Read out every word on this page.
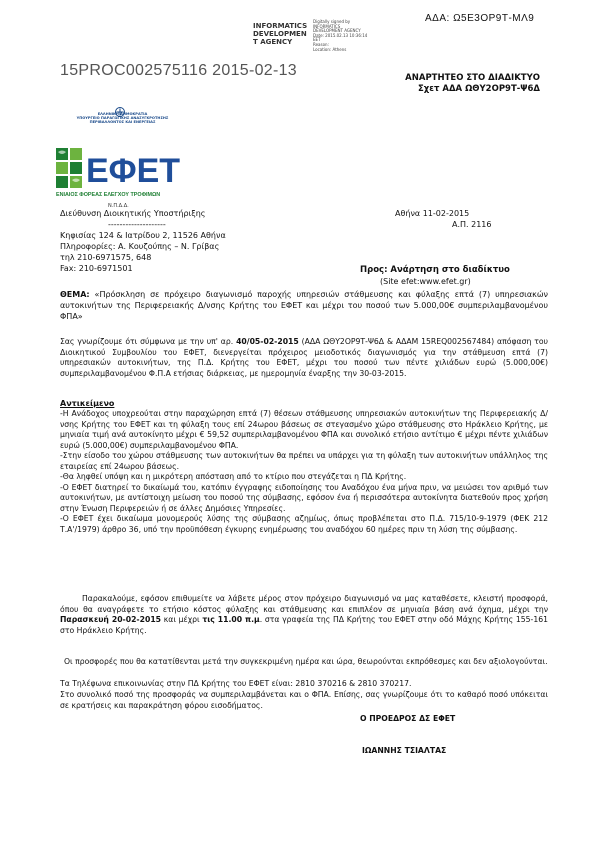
ΑΔΑ: Ω5Ε3ΟΡ9Τ-ΜΛ9
INFORMATICS DEVELOPMEN T AGENCY
Digitally signed by INFORMATICS
DEVELOPMENT AGENCY
Date: 2015.02.13 10:36:14
EET
Reason:
Location: Athens
15PROC002575116 2015-02-13	ΑΝΑΡΤΗΤΕΟ ΣΤΟ ΔΙΑΔΙΚΤΥΟ
Σχετ ΑΔΑ ΩΘΥ2ΟΡ9Τ-Ψ6Δ
ΕΛΛΗΝΙΚΗ ΔΗΜΟΚΡΑΤΙΑ
ΥΠΟΥΡΓΕΙΟ ΠΑΡΑΓΩΓΙΚΗΣ ΑΝΑΣΥΓΚΡΟΤΗΣΗΣ
ΠΕΡΙΒΑΛΛΟΝΤΟΣ ΚΑΙ ΕΝΕΡΓΕΙΑΣ
ΕΦΕΤ
ΕΝΙΑΙΟΣ ΦΟΡΕΑΣ ΕΛΕΓΧΟΥ ΤΡΟΦΙΜΩΝ
Ν.Π.Δ.Δ.
Διεύθυνση Διοικητικής Υποστήριξης
--------------------
Κηφισίας 124 & Ιατρίδου 2, 11526 Αθήνα
Πληροφορίες: Α. Κουζούπης – Ν. Γρίβας
τηλ 210-6971575, 648
Fax: 210-6971501
Αθήνα 11-02-2015
Α.Π. 2116
Προς: Ανάρτηση στο διαδίκτυο
(Site efet:www.efet.gr)
ΘΕΜΑ: «Πρόσκληση σε πρόχειρο διαγωνισμό παροχής υπηρεσιών στάθμευσης και φύλαξης επτά (7) υπηρεσιακών αυτοκινήτων της Περιφερειακής Δ/νσης Κρήτης του ΕΦΕΤ και μέχρι του ποσού των 5.000,00€ συμπεριλαμβανομένου ΦΠΑ»
Σας γνωρίζουμε ότι σύμφωνα με την υπ' αρ. 40/05-02-2015 (ΑΔΑ ΩΘΥ2ΟΡ9Τ-Ψ6Δ & ΑΔΑΜ 15REQ002567484) απόφαση του Διοικητικού Συμβουλίου του ΕΦΕΤ, διενεργείται πρόχειρος μειοδοτικός διαγωνισμός για την στάθμευση επτά (7) υπηρεσιακών αυτοκινήτων, της Π.Δ. Κρήτης του ΕΦΕΤ, μέχρι του ποσού των πέντε χιλιάδων ευρώ (5.000,00€) συμπεριλαμβανομένου Φ.Π.Α ετήσιας διάρκειας, με ημερομηνία έναρξης την 30-03-2015.
Αντικείμενο
-Η Ανάδοχος υποχρεούται στην παραχώρηση επτά (7) θέσεων στάθμευσης υπηρεσιακών αυτοκινήτων της Περιφερειακής Δ/νσης Κρήτης του ΕΦΕΤ και τη φύλαξη τους επί 24ωρου βάσεως σε στεγασμένο χώρο στάθμευσης στο Ηράκλειο Κρήτης, με μηνιαία τιμή ανά αυτοκίνητο μέχρι € 59,52 συμπεριλαμβανομένου ΦΠΑ και συνολικό ετήσιο αντίτιμο € μέχρι πέντε χιλιάδων ευρώ (5.000,00€) συμπεριλαμβανομένου ΦΠΑ.
-Στην είσοδο του χώρου στάθμευσης των αυτοκινήτων θα πρέπει να υπάρχει για τη φύλαξη των αυτοκινήτων υπάλληλος της εταιρείας επί 24ωρου βάσεως.
-Θα ληφθεί υπόψη και η μικρότερη απόσταση από το κτίριο που στεγάζεται η ΠΔ Κρήτης.
-Ο ΕΦΕΤ διατηρεί το δικαίωμά του, κατόπιν έγγραφης ειδοποίησης του Αναδόχου ένα μήνα πριν, να μειώσει τον αριθμό των αυτοκινήτων, με αντίστοιχη μείωση του ποσού της σύμβασης, εφόσον ένα ή περισσότερα αυτοκίνητα διατεθούν προς χρήση στην Ένωση Περιφερειών ή σε άλλες Δημόσιες Υπηρεσίες.
-Ο ΕΦΕΤ έχει δικαίωμα μονομερούς λύσης της σύμβασης αζημίως, όπως προβλέπεται στο Π.Δ. 715/10-9-1979 (ΦΕΚ 212 Τ.Α'/1979) άρθρο 36, υπό την προϋπόθεση έγκυρης ενημέρωσης του αναδόχου 60 ημέρες πριν τη λύση της σύμβασης.
Παρακαλούμε, εφόσον επιθυμείτε να λάβετε μέρος στον πρόχειρο διαγωνισμό να μας καταθέσετε, κλειστή προσφορά, όπου θα αναγράφετε το ετήσιο κόστος φύλαξης και στάθμευσης και επιπλέον σε μηνιαία βάση ανά όχημα, μέχρι την Παρασκευή 20-02-2015 και μέχρι τις 11.00 π.μ. στα γραφεία της ΠΔ Κρήτης του ΕΦΕΤ στην οδό Μάχης Κρήτης 155-161 στο Ηράκλειο Κρήτης.
Οι προσφορές που θα κατατίθενται μετά την συγκεκριμένη ημέρα και ώρα, θεωρούνται εκπρόθεσμες και δεν αξιολογούνται.
Τα Τηλέφωνα επικοινωνίας στην ΠΔ Κρήτης του ΕΦΕΤ είναι: 2810 370216 & 2810 370217.
Στο συνολικό ποσό της προσφοράς να συμπεριλαμβάνεται και ο ΦΠΑ. Επίσης, σας γνωρίζουμε ότι το καθαρό ποσό υπόκειται σε κρατήσεις και παρακράτηση φόρου εισοδήματος.
Ο ΠΡΟΕΔΡΟΣ ΔΣ ΕΦΕΤ
ΙΩΑΝΝΗΣ ΤΣΙΑΛΤΑΣ
